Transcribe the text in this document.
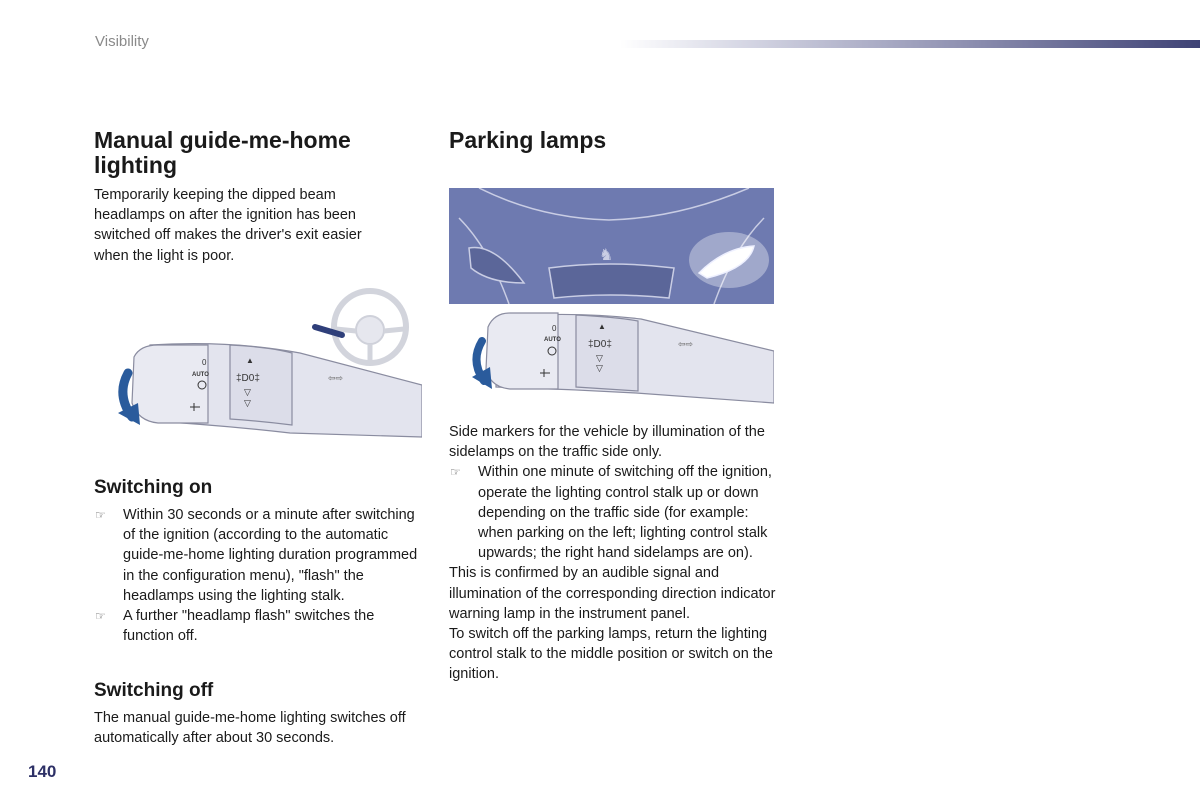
Visibility
Manual guide-me-home lighting

Temporarily keeping the dipped beam headlamps on after the ignition has been switched off makes the driver's exit easier when the light is poor.

0
AUTO
▲
‡D0‡
▽
▽
⇦⇨
Switching on
☞ Within 30 seconds or a minute after switching of the ignition (according to the automatic guide-me-home lighting duration programmed in the configuration menu), "flash" the headlamps using the lighting stalk.
☞ A further "headlamp flash" switches the function off.
Switching off

The manual guide-me-home lighting switches off automatically after about 30 seconds.

Parking lamps
♞
0
AUTO
▲
‡D0‡
▽
▽
⇦⇨

Side markers for the vehicle by illumination of the sidelamps on the traffic side only.

☞ Within one minute of switching off the ignition, operate the lighting control stalk up or down depending on the traffic side (for example: when parking on the left; lighting control stalk upwards; the right hand sidelamps are on).

This is confirmed by an audible signal and illumination of the corresponding direction indicator warning lamp in the instrument panel.

To switch off the parking lamps, return the lighting control stalk to the middle position or switch on the ignition.

140
